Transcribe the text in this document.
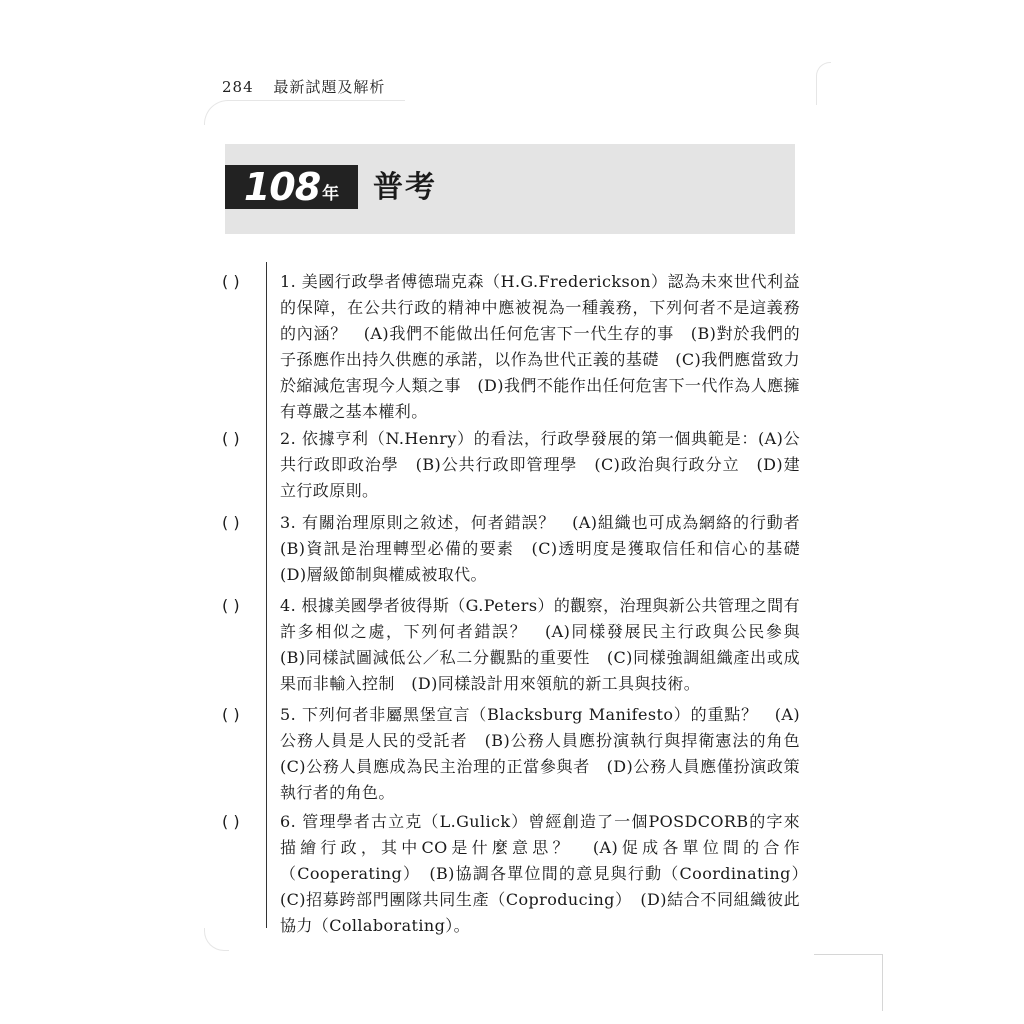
284 最新試題及解析
108 年 普考
( )	1. 美國行政學者傅德瑞克森（H.G.Frederickson）認為未來世代利益的保障，在公共行政的精神中應被視為一種義務，下列何者不是這義務的內涵？　(A)我們不能做出任何危害下一代生存的事　(B)對於我們的子孫應作出持久供應的承諾，以作為世代正義的基礎　(C)我們應當致力於縮減危害現今人類之事　(D)我們不能作出任何危害下一代作為人應擁有尊嚴之基本權利。
( )	2. 依據亨利（N.Henry）的看法，行政學發展的第一個典範是：(A)公共行政即政治學　(B)公共行政即管理學　(C)政治與行政分立　(D)建立行政原則。
( )	3. 有關治理原則之敘述，何者錯誤？　(A)組織也可成為網絡的行動者　(B)資訊是治理轉型必備的要素　(C)透明度是獲取信任和信心的基礎　(D)層級節制與權威被取代。
( )	4. 根據美國學者彼得斯（G.Peters）的觀察，治理與新公共管理之間有許多相似之處，下列何者錯誤？　(A)同樣發展民主行政與公民參與　(B)同樣試圖減低公／私二分觀點的重要性　(C)同樣強調組織產出或成果而非輸入控制　(D)同樣設計用來領航的新工具與技術。
( )	5. 下列何者非屬黑堡宣言（Blacksburg Manifesto）的重點？　(A)公務人員是人民的受託者　(B)公務人員應扮演執行與捍衛憲法的角色　(C)公務人員應成為民主治理的正當參與者　(D)公務人員應僅扮演政策執行者的角色。
( )	6. 管理學者古立克（L.Gulick）曾經創造了一個POSDCORB的字來描繪行政，其中CO是什麼意思？　(A)促成各單位間的合作（Cooperating）　(B)協調各單位間的意見與行動（Coordinating）　(C)招募跨部門團隊共同生產（Coproducing）　(D)結合不同組織彼此協力（Collaborating）。
